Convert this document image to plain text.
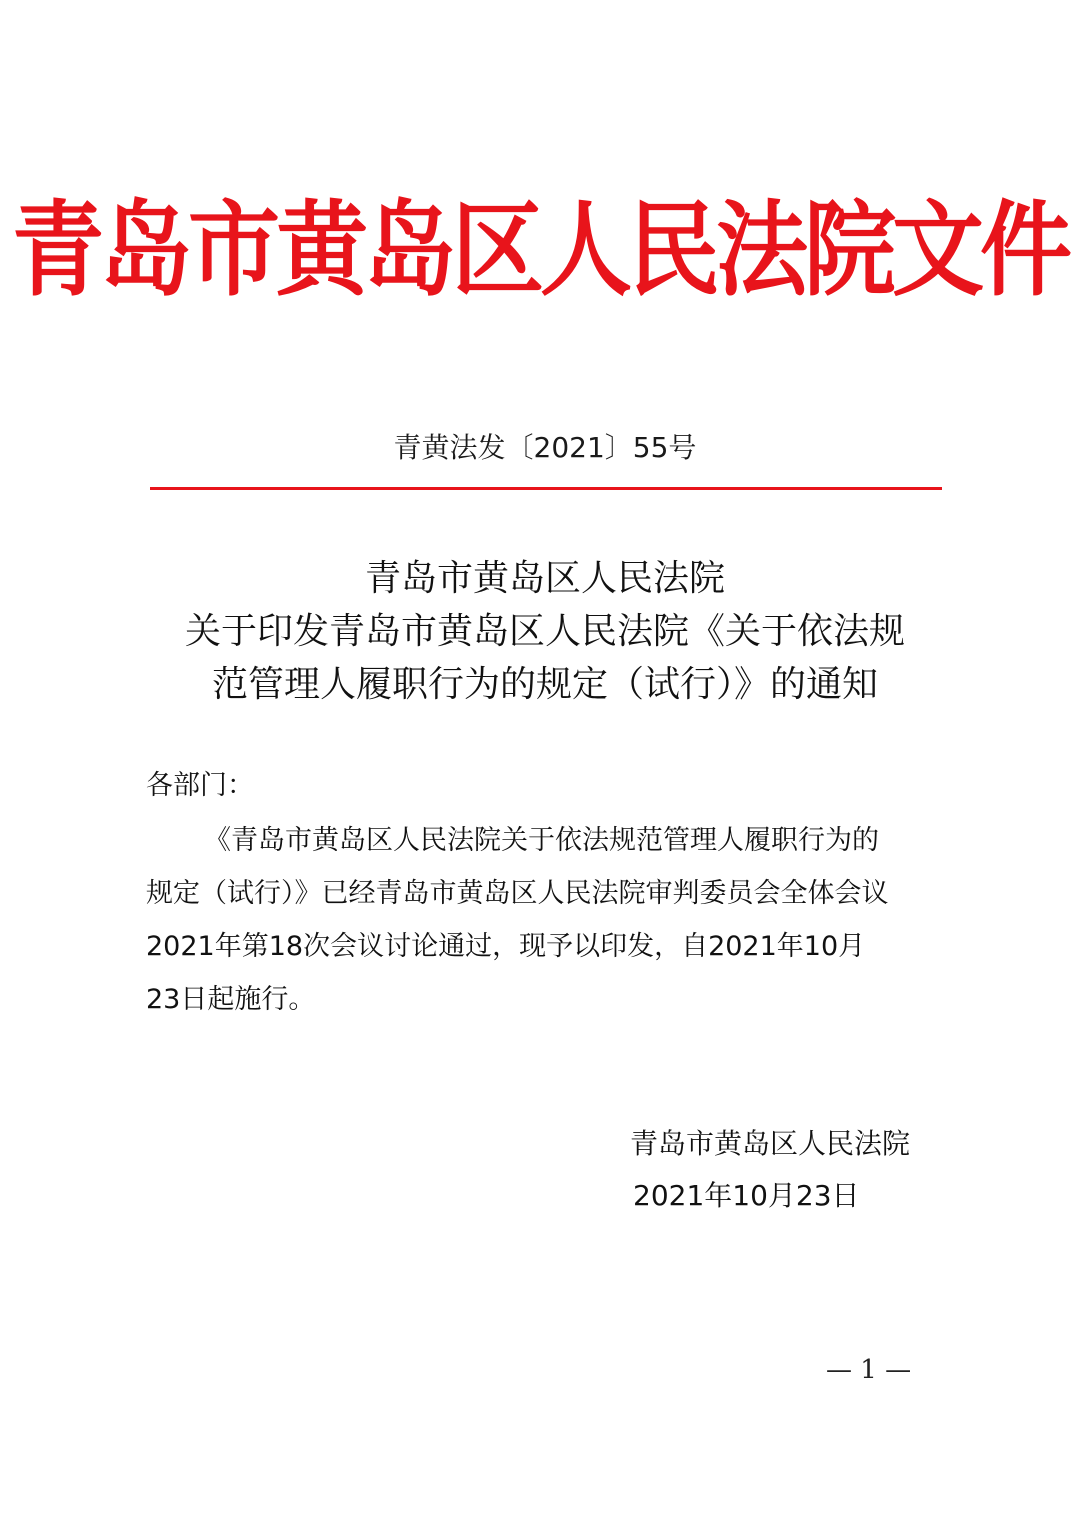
青岛市黄岛区人民法院文件
青黄法发〔2021〕55号
青岛市黄岛区人民法院
关于印发青岛市黄岛区人民法院《关于依法规
范管理人履职行为的规定（试行）》的通知
各部门：
《青岛市黄岛区人民法院关于依法规范管理人履职行为的
规定（试行）》已经青岛市黄岛区人民法院审判委员会全体会议
2021年第18次会议讨论通过，现予以印发，自2021年10月
23日起施行。
青岛市黄岛区人民法院
2021年10月23日
— 1 —
